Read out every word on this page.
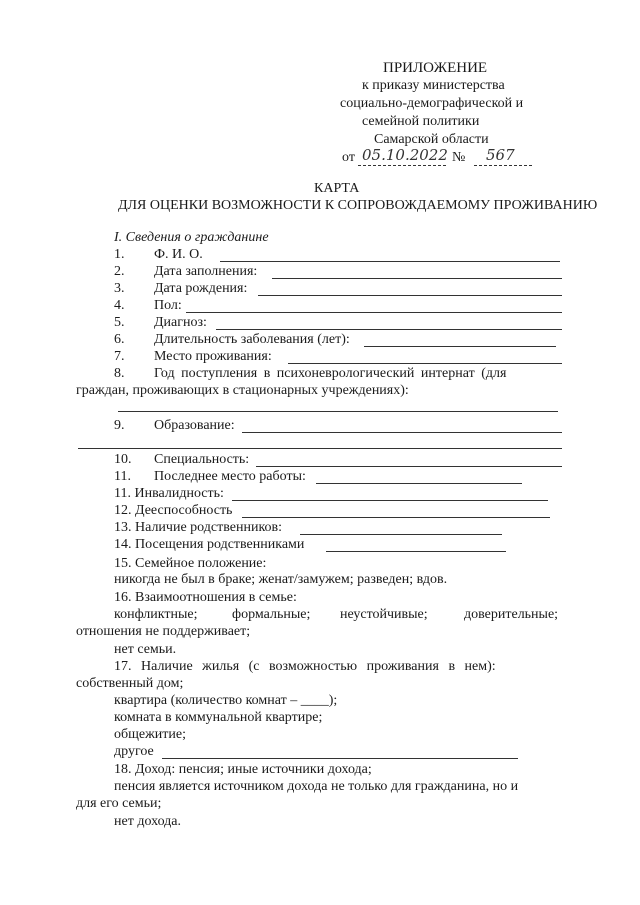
ПРИЛОЖЕНИЕ
к приказу министерства
социально-демографической и
семейной политики
Самарской области
от 05.10.2022 № 567
КАРТА
ДЛЯ ОЦЕНКИ ВОЗМОЖНОСТИ К СОПРОВОЖДАЕМОМУ ПРОЖИВАНИЮ
I. Сведения о гражданине
1. Ф. И. О.
2. Дата заполнения:
3. Дата рождения:
4. Пол:
5. Диагноз:
6. Длительность заболевания (лет):
7. Место проживания:
8. Год поступления в психоневрологический интернат (для
граждан, проживающих в стационарных учреждениях):
9. Образование:
10. Специальность:
11. Последнее место работы:
11. Инвалидность:
12. Дееспособность
13. Наличие родственников:
14. Посещения родственниками
15. Семейное положение:
никогда не был в браке; женат/замужем; разведен; вдов.
16. Взаимоотношения в семье:
конфликтные; формальные; неустойчивые;	доверительные;
отношения не поддерживает;
нет семьи.
17. Наличие жилья (с возможностью проживания в нем):
собственный дом;
квартира (количество комнат – ____);
комната в коммунальной квартире;
общежитие;
другое
18. Доход: пенсия; иные источники дохода;
пенсия является источником дохода не только для гражданина, но и
для его семьи;
нет дохода.
